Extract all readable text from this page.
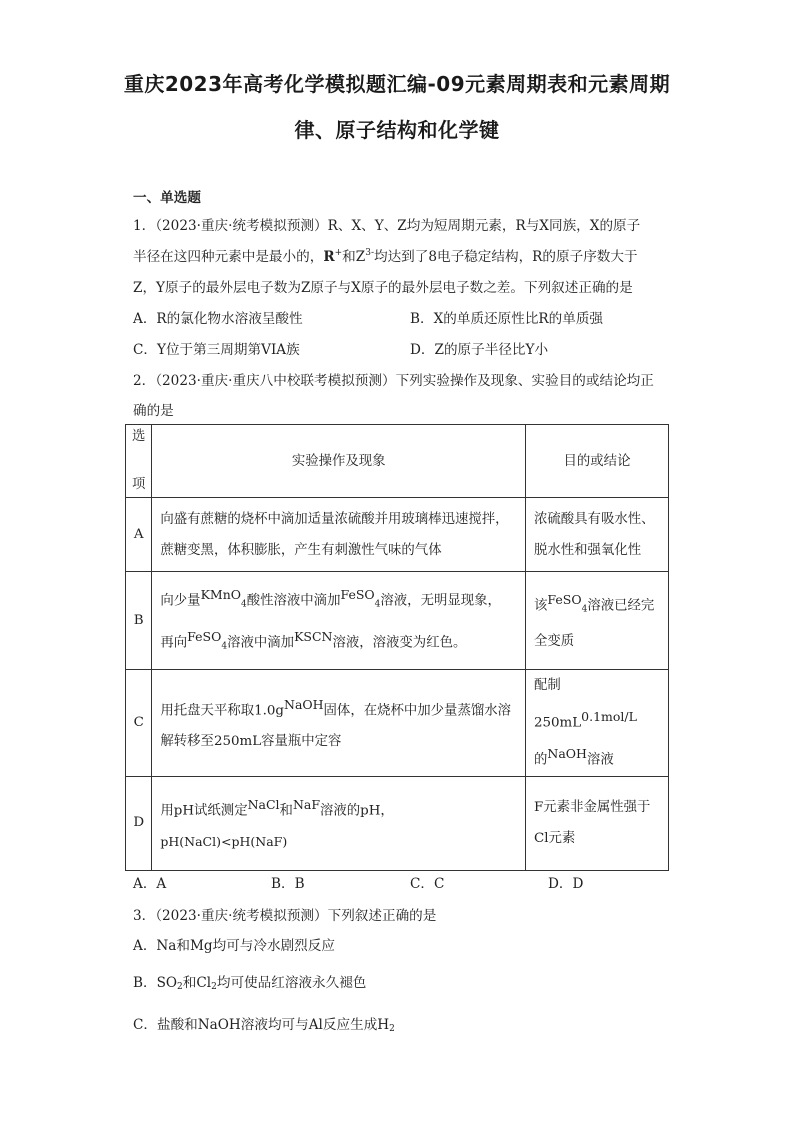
重庆2023年高考化学模拟题汇编-09元素周期表和元素周期
律、原子结构和化学键
一、单选题
1．（2023·重庆·统考模拟预测）R、X、Y、Z均为短周期元素，R与X同族，X的原子
半径在这四种元素中是最小的，R+和$Z^{3-}$均达到了8电子稳定结构，R的原子序数大于
Z，Y原子的最外层电子数为Z原子与X原子的最外层电子数之差。下列叙述正确的是
A．R的氯化物水溶液呈酸性	B．X的单质还原性比R的单质强
C．Y位于第三周期第VIA族	D．Z的原子半径比Y小
2．（2023·重庆·重庆八中校联考模拟预测）下列实验操作及现象、实验目的或结论均正
确的是
选

项	实验操作及现象	目的或结论
A	向盛有蔗糖的烧杯中滴加适量浓硫酸并用玻璃棒迅速搅拌，
蔗糖变黑，体积膨胀，产生有刺激性气味的气体	浓硫酸具有吸水性、
脱水性和强氧化性
B	向少量$^{KMnO}_4$酸性溶液中滴加$^{FeSO}_4$溶液，无明显现象，
再向$^{FeSO}_4$溶液中滴加$^{KSCN}$溶液，溶液变为红色。	该$^{FeSO}_4$溶液已经完
全变质
C	用托盘天平称取$1.0g^{NaOH}$固体，在烧杯中加少量蒸馏水溶
解转移至250mL容量瓶中定容	配制$250mL^{0.1mol/L}$
的$^{NaOH}$溶液
D	用pH试纸测定$^{NaCl}$和$^{NaF}$溶液的pH，
pH(NaCl)<pH(NaF)	F元素非金属性强于
Cl元素
A．A	B．B	C．C	D．D
3．（2023·重庆·统考模拟预测）下列叙述正确的是
A．Na和Mg均可与冷水剧烈反应
B．$SO_2$和$Cl_2$均可使品红溶液永久褪色
C．盐酸和NaOH溶液均可与Al反应生成$H_2$
